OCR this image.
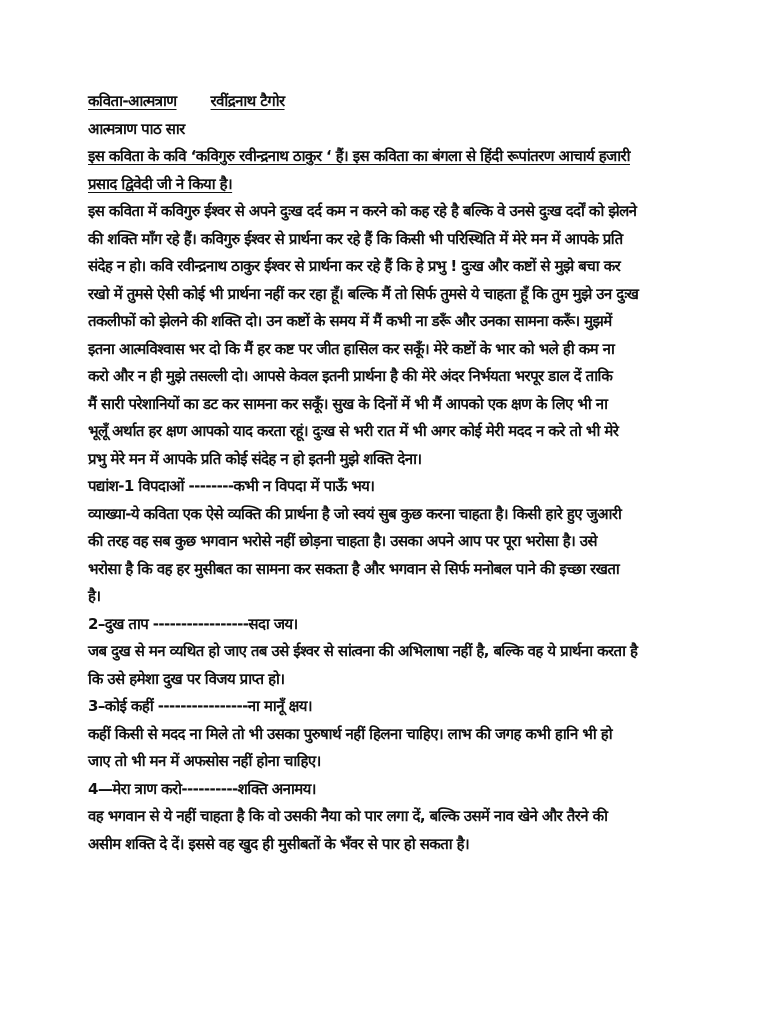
कविता-आत्मत्राण रवींद्रनाथ टैगोर
आत्मत्राण पाठ सार
इस कविता के कवि ‘कविगुरु रवीन्द्रनाथ ठाकुर ‘ हैं। इस कविता का बंगला से हिंदी रूपांतरण आचार्य हजारी
प्रसाद द्विवेदी जी ने किया है।
इस कविता में कविगुरु ईश्वर से अपने दुःख दर्द कम न करने को कह रहे है बल्कि वे उनसे दुःख दर्दों को झेलने
की शक्ति माँग रहे हैं। कविगुरु ईश्वर से प्रार्थना कर रहे हैं कि किसी भी परिस्थिति में मेरे मन में आपके प्रति
संदेह न हो। कवि रवीन्द्रनाथ ठाकुर ईश्वर से प्रार्थना कर रहे हैं कि हे प्रभु ! दुःख और कष्टों से मुझे बचा कर
रखो में तुमसे ऐसी कोई भी प्रार्थना नहीं कर रहा हूँ। बल्कि मैं तो सिर्फ तुमसे ये चाहता हूँ कि तुम मुझे उन दुःख
तकलीफों को झेलने की शक्ति दो। उन कष्टों के समय में मैं कभी ना डरूँ और उनका सामना करूँ। मुझमें
इतना आत्मविश्वास भर दो कि मैं हर कष्ट पर जीत हासिल कर सकूँ। मेरे कष्टों के भार को भले ही कम ना
करो और न ही मुझे तसल्ली दो। आपसे केवल इतनी प्रार्थना है की मेरे अंदर निर्भयता भरपूर डाल दें ताकि
मैं सारी परेशानियों का डट कर सामना कर सकूँ। सुख के दिनों में भी मैं आपको एक क्षण के लिए भी ना
भूलूँ अर्थात हर क्षण आपको याद करता रहूं। दुःख से भरी रात में भी अगर कोई मेरी मदद न करे तो भी मेरे
प्रभु मेरे मन में आपके प्रति कोई संदेह न हो इतनी मुझे शक्ति देना।
पद्यांश-1 विपदाओं --------कभी न विपदा में पाऊँ भय।
व्याख्या-ये कविता एक ऐसे व्यक्ति की प्रार्थना है जो स्वयं सुब कुछ करना चाहता है। किसी हारे हुए जुआरी
की तरह वह सब कुछ भगवान भरोसे नहीं छोड़ना चाहता है। उसका अपने आप पर पूरा भरोसा है। उसे
भरोसा है कि वह हर मुसीबत का सामना कर सकता है और भगवान से सिर्फ मनोबल पाने की इच्छा रखता
है।
2–दुख ताप -----------------सदा जय।
जब दुख से मन व्यथित हो जाए तब उसे ईश्वर से सांत्वना की अभिलाषा नहीं है, बल्कि वह ये प्रार्थना करता है
कि उसे हमेशा दुख पर विजय प्राप्त हो।
3–कोई कहीं ----------------ना मानूँ क्षय।
कहीं किसी से मदद ना मिले तो भी उसका पुरुषार्थ नहीं हिलना चाहिए। लाभ की जगह कभी हानि भी हो
जाए तो भी मन में अफसोस नहीं होना चाहिए।
4—मेरा त्राण करो----------शक्ति अनामय।
वह भगवान से ये नहीं चाहता है कि वो उसकी नैया को पार लगा दें, बल्कि उसमें नाव खेने और तैरने की
असीम शक्ति दे दें। इससे वह खुद ही मुसीबतों के भँवर से पार हो सकता है।
